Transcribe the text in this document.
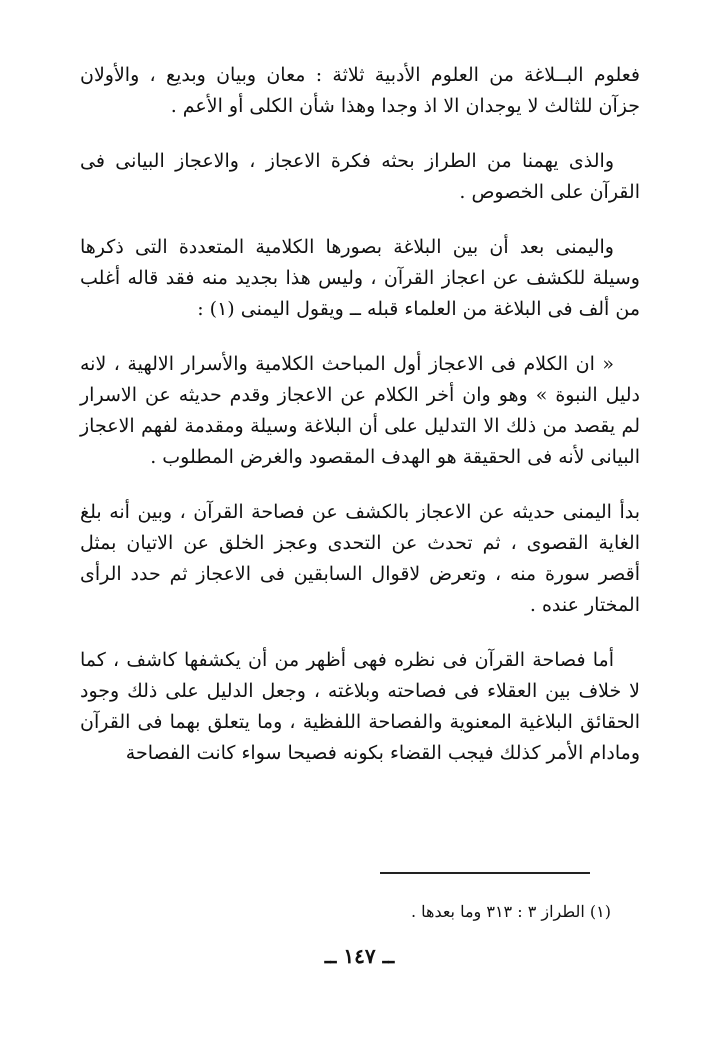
فعلوم البــلاغة من العلوم الأدبية ثلاثة : معان وبيان وبديع ، والأولان جزآن للثالث لا يوجدان الا اذ وجدا وهذا شأن الكلى أو الأعم .

والذى يهمنا من الطراز بحثه فكرة الاعجاز ، والاعجاز البيانى فى القرآن على الخصوص .

واليمنى بعد أن بين البلاغة بصورها الكلامية المتعددة التى ذكرها وسيلة للكشف عن اعجاز القرآن ، وليس هذا بجديد منه فقد قاله أغلب من ألف فى البلاغة من العلماء قبله ــ ويقول اليمنى (١) :

« ان الكلام فى الاعجاز أول المباحث الكلامية والأسرار الالهية ، لانه دليل النبوة » وهو وان أخر الكلام عن الاعجاز وقدم حديثه عن الاسرار لم يقصد من ذلك الا التدليل على أن البلاغة وسيلة ومقدمة لفهم الاعجاز البيانى لأنه فى الحقيقة هو الهدف المقصود والغرض المطلوب .

بدأ اليمنى حديثه عن الاعجاز بالكشف عن فصاحة القرآن ، وبين أنه بلغ الغاية القصوى ، ثم تحدث عن التحدى وعجز الخلق عن الاتيان بمثل أقصر سورة منه ، وتعرض لاقوال السابقين فى الاعجاز ثم حدد الرأى المختار عنده .

أما فصاحة القرآن فى نظره فهى أظهر من أن يكشفها كاشف ، كما لا خلاف بين العقلاء فى فصاحته وبلاغته ، وجعل الدليل على ذلك وجود الحقائق البلاغية المعنوية والفصاحة اللفظية ، وما يتعلق بهما فى القرآن ومادام الأمر كذلك فيجب القضاء بكونه فصيحا سواء كانت الفصاحة

(١) الطراز ٣ : ٣١٣ وما بعدها .
ــ ١٤٧ ــ
